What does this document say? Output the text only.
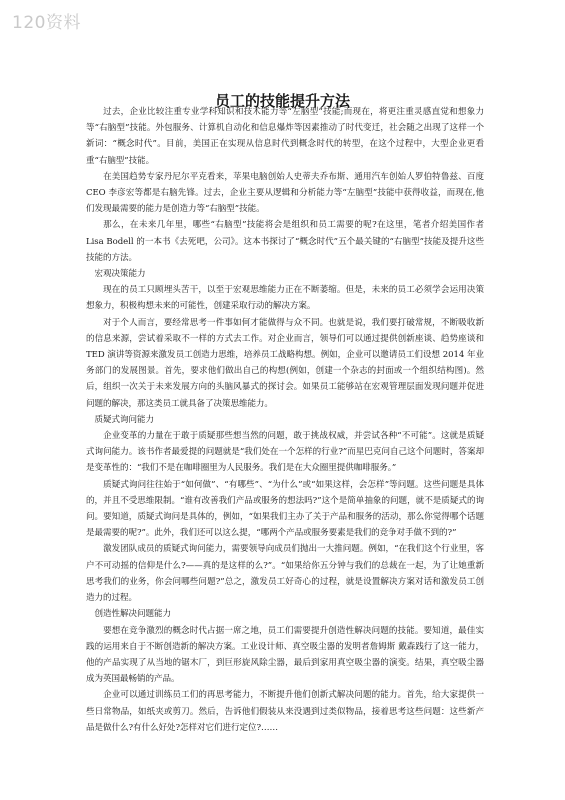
120资料
员工的技能提升方法

过去，企业比较注重专业学科知识和技术能力等“左脑型”技能;而现在，将更注重灵感直觉和想象力等“右脑型”技能。外包服务、计算机自动化和信息爆炸等因素推动了时代变迁，社会随之出现了这样一个新词：“概念时代”。目前，美国正在实现从信息时代到概念时代的转型，在这个过程中，大型企业更看重“右脑型”技能。

在美国趋势专家丹尼尔平克看来，苹果电脑创始人史蒂夫乔布斯、通用汽车创始人罗伯特鲁兹、百度 CEO 李彦宏等都是右脑先锋。过去，企业主要从逻辑和分析能力等“左脑型”技能中获得收益，而现在,他们发现最需要的能力是创造力等“右脑型”技能。

那么，在未来几年里，哪些“右脑型”技能将会是组织和员工需要的呢?在这里，笔者介绍美国作者 Lisa Bodell 的一本书《去死吧，公司》。这本书探讨了“概念时代”五个最关键的“右脑型”技能及提升这些技能的方法。

宏观决策能力

现在的员工只顾埋头苦干，以至于宏观思维能力正在不断萎缩。但是，未来的员工必须学会运用决策想象力，积极构想未来的可能性，创建采取行动的解决方案。

对于个人而言，要经常思考一件事如何才能做得与众不同。也就是说，我们要打破常规，不断吸收新的信息来源，尝试着采取不一样的方式去工作。对企业而言，领导们可以通过提供创新座谈、趋势座谈和 TED 演讲等资源来激发员工创造力思维，培养员工战略构想。例如，企业可以邀请员工们设想 2014 年业务部门的发展图景。首先，要求他们做出自己的构想(例如，创建一个杂志的封面或一个组织结构图)。然后，组织一次关于未来发展方向的头脑风暴式的探讨会。如果员工能够站在宏观管理层面发现问题并促进问题的解决，那这类员工就具备了决策思维能力。

质疑式询问能力

企业变革的力量在于敢于质疑那些想当然的问题，敢于挑战权威，并尝试各种“不可能”。这就是质疑式询问能力。该书作者最爱提的问题就是“我们处在一个怎样的行业?”而星巴克问自己这个问题时，答案却是变革性的：“我们不是在咖啡圈里为人民服务。我们是在大众圈里提供咖啡服务。”

质疑式询问往往始于“如何做”、“有哪些”、“为什么”或“如果这样，会怎样”等问题。这些问题是具体的，并且不受思维限制。“谁有改善我们产品或服务的想法吗?”这个是简单抽象的问题，就不是质疑式的询问。要知道，质疑式询问是具体的，例如，“如果我们主办了关于产品和服务的活动，那么你觉得哪个话题是最需要的呢?”。此外，我们还可以这么提，“哪两个产品或服务要素是我们的竞争对手做不到的?”

激发团队成员的质疑式询问能力，需要领导向成员们抛出一大推问题。例如，“在我们这个行业里，客户不可动摇的信仰是什么?——真的是这样的么?”。“如果给你五分钟与我们的总裁在一起，为了让她重新思考我们的业务，你会问哪些问题?”总之，激发员工好奇心的过程，就是设置解决方案对话和激发员工创造力的过程。

创造性解决问题能力

要想在竞争激烈的概念时代占据一席之地，员工们需要提升创造性解决问题的技能。要知道，最佳实践的运用来自于不断创造新的解决方案。工业设计师、真空吸尘器的发明者詹姆斯 戴森践行了这一能力，他的产品实现了从当地的锯木厂，到巨形旋风除尘器，最后到家用真空吸尘器的演变。结果，真空吸尘器成为英国最畅销的产品。

企业可以通过训练员工们的再思考能力，不断提升他们创新式解决问题的能力。首先，给大家提供一些日常物品，如纸夹或剪刀。然后，告诉他们假装从来没遇到过类似物品，接着思考这些问题：这些新产品是做什么?有什么好处?怎样对它们进行定位?……
